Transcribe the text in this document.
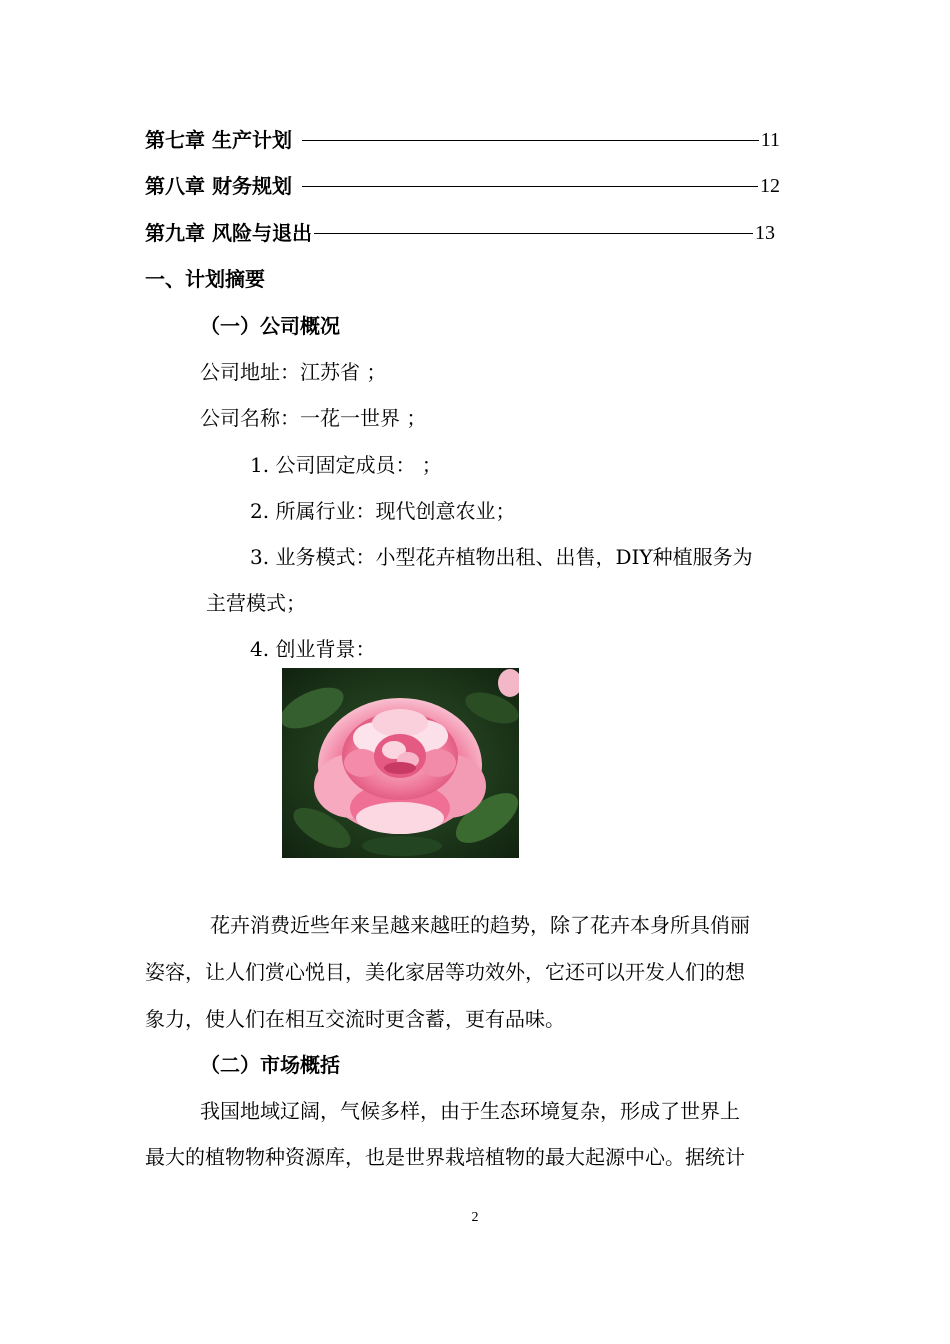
第七章 生产计划	11
第八章 财务规划	12
第九章 风险与退出	13
一、计划摘要
（一）公司概况
公司地址：江苏省 ；
公司名称：一花一世界 ；
1. 公司固定成员： ；
2. 所属行业：现代创意农业；
3. 业务模式：小型花卉植物出租、出售，DIY种植服务为
主营模式；
4. 创业背景：
花卉消费近些年来呈越来越旺的趋势，除了花卉本身所具俏丽
姿容，让人们赏心悦目，美化家居等功效外，它还可以开发人们的想
象力，使人们在相互交流时更含蓄，更有品味。
（二）市场概括
我国地域辽阔，气候多样，由于生态环境复杂，形成了世界上
最大的植物物种资源库，也是世界栽培植物的最大起源中心。据统计
2
